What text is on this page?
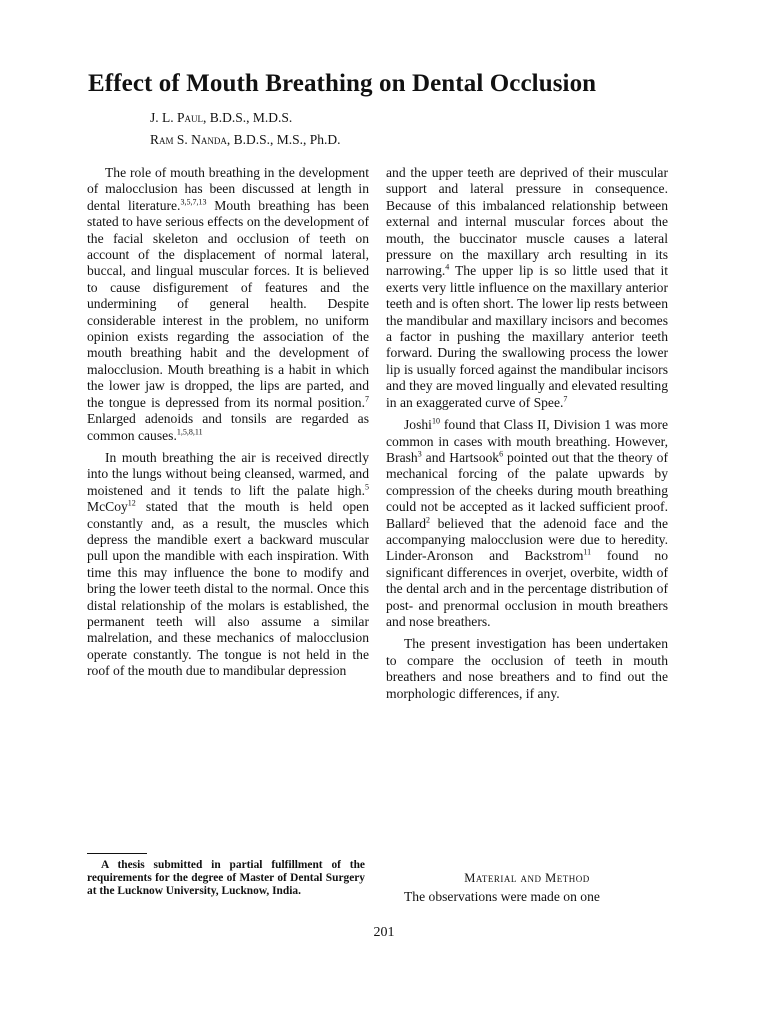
Effect of Mouth Breathing on Dental Occlusion
J. L. Paul, B.D.S., M.D.S.
Ram S. Nanda, B.D.S., M.S., Ph.D.

The role of mouth breathing in the development of malocclusion has been discussed at length in dental literature.$^{3,5,7,13}$ Mouth breathing has been stated to have serious effects on the development of the facial skeleton and occlusion of teeth on account of the displacement of normal lateral, buccal, and lingual muscular forces. It is believed to cause disfigurement of features and the undermining of general health. Despite considerable interest in the problem, no uniform opinion exists regarding the association of the mouth breathing habit and the development of malocclusion. Mouth breathing is a habit in which the lower jaw is dropped, the lips are parted, and the tongue is depressed from its normal position.$^7$ Enlarged adenoids and tonsils are regarded as common causes.$^{1,5,8,11}$

In mouth breathing the air is received directly into the lungs without being cleansed, warmed, and moistened and it tends to lift the palate high.$^5$ McCoy$^{12}$ stated that the mouth is held open constantly and, as a result, the muscles which depress the mandible exert a backward muscular pull upon the mandible with each inspiration. With time this may influence the bone to modify and bring the lower teeth distal to the normal. Once this distal relationship of the molars is established, the permanent teeth will also assume a similar malrelation, and these mechanics of malocclusion operate constantly. The tongue is not held in the roof of the mouth due to mandibular depression

A thesis submitted in partial fulfillment of the requirements for the degree of Master of Dental Surgery at the Lucknow University, Lucknow, India.

and the upper teeth are deprived of their muscular support and lateral pressure in consequence. Because of this imbalanced relationship between external and internal muscular forces about the mouth, the buccinator muscle causes a lateral pressure on the maxillary arch resulting in its narrowing.$^4$ The upper lip is so little used that it exerts very little influence on the maxillary anterior teeth and is often short. The lower lip rests between the mandibular and maxillary incisors and becomes a factor in pushing the maxillary anterior teeth forward. During the swallowing process the lower lip is usually forced against the mandibular incisors and they are moved lingually and elevated resulting in an exaggerated curve of Spee.$^7$

Joshi$^{10}$ found that Class II, Division 1 was more common in cases with mouth breathing. However, Brash$^3$ and Hartsook$^6$ pointed out that the theory of mechanical forcing of the palate upwards by compression of the cheeks during mouth breathing could not be accepted as it lacked sufficient proof. Ballard$^2$ believed that the adenoid face and the accompanying malocclusion were due to heredity. Linder-Aronson and Backstrom$^{11}$ found no significant differences in overjet, overbite, width of the dental arch and in the percentage distribution of post- and prenormal occlusion in mouth breathers and nose breathers.

The present investigation has been undertaken to compare the occlusion of teeth in mouth breathers and nose breathers and to find out the morphologic differences, if any.

Material and Method
The observations were made on one
201
